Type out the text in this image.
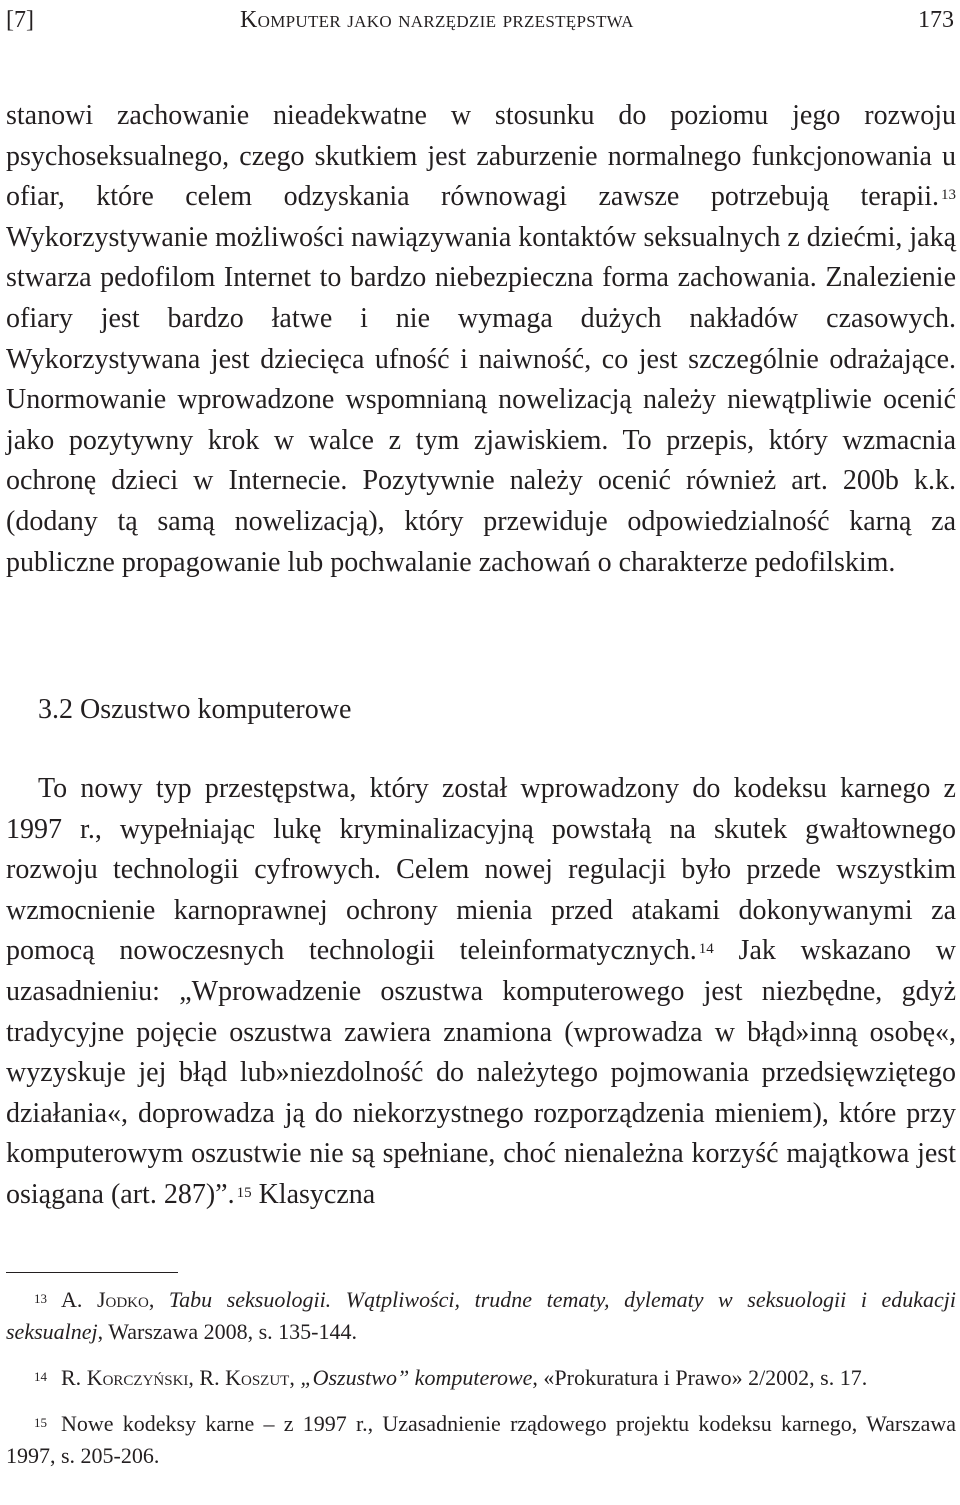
[7]	Komputer jako narzędzie przestępstwa	173

stanowi zachowanie nieadekwatne w stosunku do poziomu jego rozwoju psychoseksualnego, czego skutkiem jest zaburzenie normalnego funkcjonowania u ofiar, które celem odzyskania równowagi zawsze potrzebują terapii. $^{13}$ Wykorzystywanie możliwości nawiązywania kontaktów seksualnych z dziećmi, jaką stwarza pedofilom Internet to bardzo niebezpieczna forma zachowania. Znalezienie ofiary jest bardzo łatwe i nie wymaga dużych nakładów czasowych. Wykorzystywana jest dziecięca ufność i naiwność, co jest szczególnie odrażające. Unormowanie wprowadzone wspomnianą nowelizacją należy niewątpliwie ocenić jako pozytywny krok w walce z tym zjawiskiem. To przepis, który wzmacnia ochronę dzieci w Internecie. Pozytywnie należy ocenić również art. 200b k.k. (dodany tą samą nowelizacją), który przewiduje odpowiedzialność karną za publiczne propagowanie lub pochwalanie zachowań o charakterze pedofilskim.

3.2 Oszustwo komputerowe

To nowy typ przestępstwa, który został wprowadzony do kodeksu karnego z 1997 r., wypełniając lukę kryminalizacyjną powstałą na skutek gwałtownego rozwoju technologii cyfrowych. Celem nowej regulacji było przede wszystkim wzmocnienie karnoprawnej ochrony mienia przed atakami dokonywanymi za pomocą nowoczesnych technologii teleinformatycznych. $^{14}$ Jak wskazano w uzasadnieniu: „Wprowadzenie oszustwa komputerowego jest niezbędne, gdyż tradycyjne pojęcie oszustwa zawiera znamiona (wprowadza w błąd»inną osobę«, wyzyskuje jej błąd lub»niezdolność do należytego pojmowania przedsięwziętego działania«, doprowadza ją do niekorzystnego rozporządzenia mieniem), które przy komputerowym oszustwie nie są spełniane, choć nienależna korzyść majątkowa jest osiągana (art. 287)”. $^{15}$ Klasyczna

$^{13}$ A. Jodko, Tabu seksuologii. Wątpliwości, trudne tematy, dylematy w seksuologii i edukacji seksualnej, Warszawa 2008, s. 135-144.

$^{14}$ R. Korczyński, R. Koszut, „Oszustwo” komputerowe, «Prokuratura i Prawo» 2/2002, s. 17.

$^{15}$ Nowe kodeksy karne – z 1997 r., Uzasadnienie rządowego projektu kodeksu karnego, Warszawa 1997, s. 205-206.
